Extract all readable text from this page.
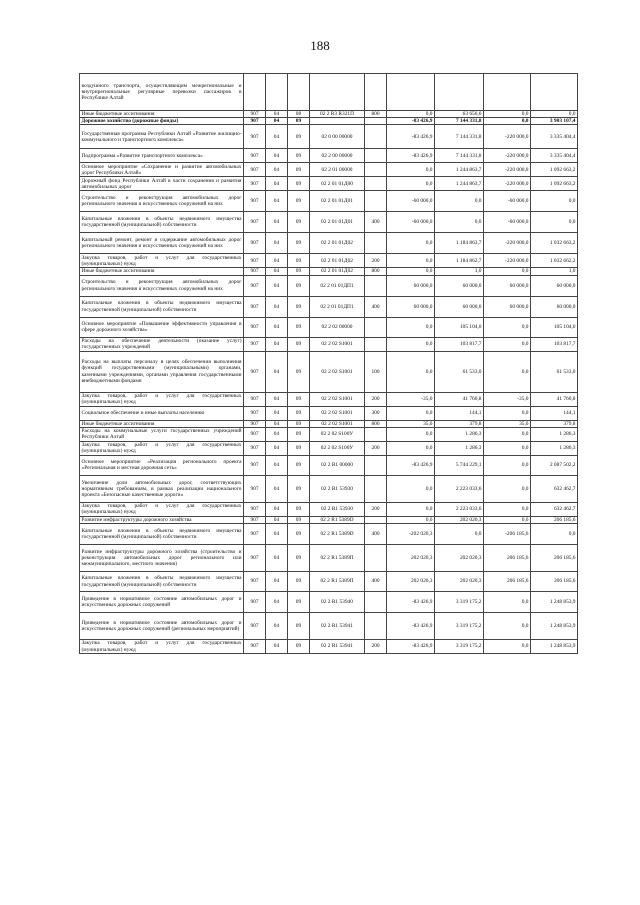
188
воздушного транспорта, осуществляющим межрегиональные и внутрирегиональные регулярные перевозки пассажиров в Республике Алтай									
Иные бюджетные ассигнования	907	04	08	02 2 R3 R321П	800	0,0	63 656,6	0,0	0,0
Дорожное хозяйство (дорожные фонды)	907	04	09			-83 426,9	7 144 331,8	0,0	3 903 107,4
Государственная программа Республики Алтай «Развитие жилищно-коммунального и транспортного комплекса»	907	04	09	02 0 00 00000		-83 426,9	7 144 331,8	-220 000,0	3 335 404,4
Подпрограмма «Развитие транспортного комплекса»	907	04	09	02 2 00 00000		-83 426,9	7 144 331,8	-220 000,0	3 335 404,4
Основное мероприятие «Сохранение и развитие автомобильных дорог Республики Алтай»	907	04	09	02 2 01 00000		0,0	1 244 863,7	-220 000,0	1 092 663,2
Дорожный фонд Республики Алтай в части сохранения и развития автомобильных дорог	907	04	09	02 2 01 01Д00		0,0	1 244 863,7	-220 000,0	1 092 663,2
Строительство и реконструкция автомобильных дорог регионального значения и искусственных сооружений на них	907	04	09	02 2 01 01Д01		-60 000,0	0,0	-60 000,0	0,0
Капитальные вложения в объекты недвижимого имущества государственной (муниципальной) собственности	907	04	09	02 2 01 01Д01	400	-60 000,0	0,0	-60 000,0	0,0
Капитальный ремонт, ремонт и содержание автомобильных дорог регионального значения и искусственных сооружений на них	907	04	09	02 2 01 01Д02		0,0	1 184 863,7	-220 000,0	1 032 663,2
Закупка товаров, работ и услуг для государственных (муниципальных) нужд	907	04	09	02 2 01 01Д02	200	0,0	1 184 862,7	-220 000,0	1 032 662,2
Иные бюджетные ассигнования	907	04	09	02 2 01 01Д02	800	0,0	1,0	0,0	1,0
Строительство и реконструкция автомобильных дорог регионального значения и искусственных сооружений на них	907	04	09	02 2 01 01ДП1		60 000,0	60 000,0	60 000,0	60 000,0
Капитальные вложения в объекты недвижимого имущества государственной (муниципальной) собственности	907	04	09	02 2 01 01ДП1	400	60 000,0	60 000,0	60 000,0	60 000,0
Основное мероприятие «Повышение эффективности управления в сфере дорожного хозяйства»	907	04	09	02 2 02 00000		0,0	105 104,0	0,0	105 104,0
Расходы на обеспечение деятельности (оказание услуг) государственных учреждений	907	04	09	02 2 02 S1001		0,0	103 817,7	0,0	103 817,7
Расходы на выплаты персоналу в целях обеспечения выполнения функций государственными (муниципальными) органами, казенными учреждениями, органами управления государственными внебюджетными фондами	907	04	09	02 2 02 S1001	100	0,0	61 533,0	0,0	61 533,0
Закупка товаров, работ и услуг для государственных (муниципальных) нужд	907	04	09	02 2 02 S1001	200	-35,0	41 760,8	-35,0	41 760,8
Социальное обеспечение и иные выплаты населению	907	04	09	02 2 02 S1001	300	0,0	144,1	0,0	144,1
Иные бюджетные ассигнования	907	04	09	02 2 02 S1001	800	35,0	379,8	35,0	379,8
Расходы на коммунальные услуги государственных учреждений Республики Алтай	907	04	09	02 2 02 S100У		0,0	1 286,3	0,0	1 286,3
Закупка товаров, работ и услуг для государственных (муниципальных) нужд	907	04	09	02 2 02 S100У	200	0,0	1 286,3	0,0	1 286,3
Основное мероприятие «Реализация регионального проекта «Региональная и местная дорожная сеть»	907	04	09	02 2 R1 00000		-83 426,9	5 744 229,1	0,0	2 087 502,2
Увеличение доли автомобильных дорог, соответствующих нормативным требованиям, в рамках реализации национального проекта «Безопасные качественные дороги»	907	04	09	02 2 R1 53930		0,0	2 223 033,6	0,0	632 462,7
Закупка товаров, работ и услуг для государственных (муниципальных) нужд	907	04	09	02 2 R1 53930	200	0,0	2 223 033,6	0,0	632 462,7
Развитие инфраструктуры дорожного хозяйства	907	04	09	02 2 R1 5389D		0,0	202 020,3	0,0	206 185,6
Капитальные вложения в объекты недвижимого имущества государственной (муниципальной) собственности	907	04	09	02 2 R1 5389D	400	-202 020,3	0,0	-206 185,6	0,0
Развитие инфраструктуры дорожного хозяйства (строительство и реконструкция автомобильных дорог регионального или межмуниципального, местного значения)	907	04	09	02 2 R1 5389П		202 020,3	202 020,3	206 185,6	206 185,6
Капитальные вложения в объекты недвижимого имущества государственной (муниципальной) собственности	907	04	09	02 2 R1 5389П	400	202 020,3	202 020,3	206 185,6	206 185,6
Приведение в нормативное состояние автомобильных дорог и искусственных дорожных сооружений	907	04	09	02 2 R1 53940		-83 426,9	3 319 175,2	0,0	1 248 853,9
Приведение в нормативное состояние автомобильных дорог и искусственных дорожных сооружений (региональных мероприятий)	907	04	09	02 2 R1 53941		-83 426,9	3 319 175,2	0,0	1 248 853,9
Закупка товаров, работ и услуг для государственных (муниципальных) нужд	907	04	09	02 2 R1 53941	200	-83 426,9	3 319 175,2	0,0	1 248 853,9
